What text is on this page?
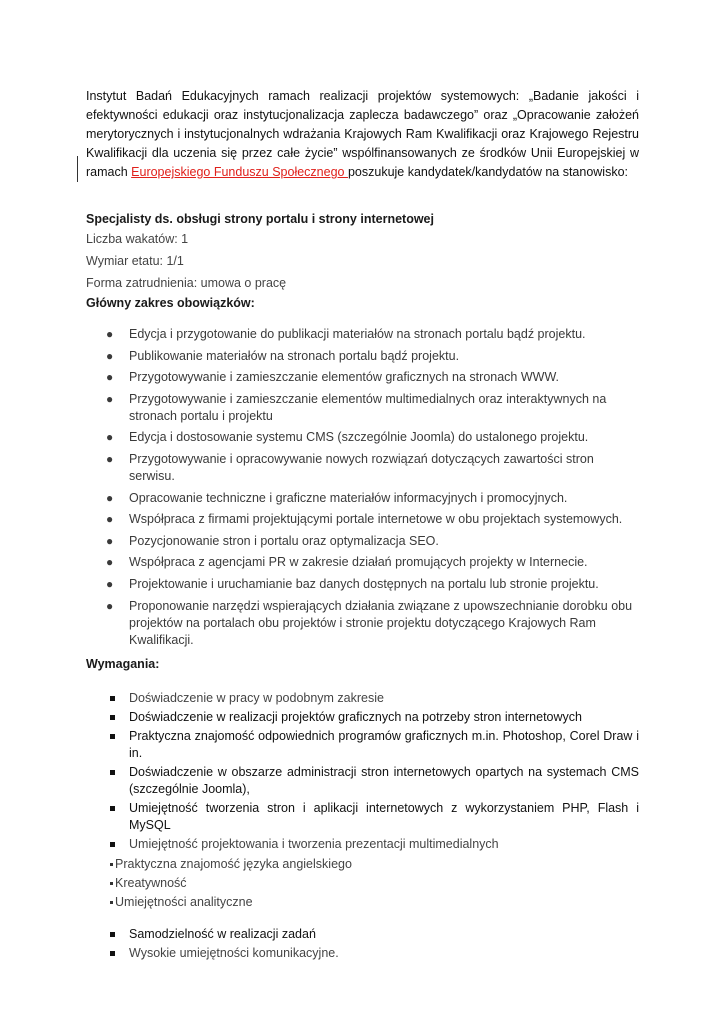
Instytut Badań Edukacyjnych ramach realizacji projektów systemowych: „Badanie jakości i efektywności edukacji oraz instytucjonalizacja zaplecza badawczego” oraz „Opracowanie założeń merytorycznych i instytucjonalnych wdrażania Krajowych Ram Kwalifikacji oraz Krajowego Rejestru Kwalifikacji dla uczenia się przez całe życie” wspólfinansowanych ze środków Unii Europejskiej w ramach Europejskiego Funduszu Społecznego poszukuje kandydatek/kandydatów na stanowisko:

Specjalisty ds. obsługi strony portalu i strony internetowej

Liczba wakatów: 1

Wymiar etatu: 1/1

Forma zatrudnienia: umowa o pracę

Główny zakres obowiązków:

● Edycja i przygotowanie do publikacji materiałów na stronach portalu bądź projektu.
● Publikowanie materiałów na stronach portalu bądź projektu.
● Przygotowywanie i zamieszczanie elementów graficznych na stronach WWW.
● Przygotowywanie i zamieszczanie elementów multimedialnych oraz interaktywnych na stronach portalu i projektu
● Edycja i dostosowanie systemu CMS (szczególnie Joomla) do ustalonego projektu.
● Przygotowywanie i opracowywanie nowych rozwiązań dotyczących zawartości stron serwisu.
● Opracowanie techniczne i graficzne materiałów informacyjnych i promocyjnych.
● Współpraca z firmami projektującymi portale internetowe w obu projektach systemowych.
● Pozycjonowanie stron i portalu oraz optymalizacja SEO.
● Współpraca z agencjami PR w zakresie działań promujących projekty w Internecie.
● Projektowanie i uruchamianie baz danych dostępnych na portalu lub stronie projektu.
● Proponowanie narzędzi wspierających działania związane z upowszechnianie dorobku obu projektów na portalach obu projektów i stronie projektu dotyczącego Krajowych Ram Kwalifikacji.

Wymagania:

Doświadczenie w pracy w podobnym zakresie
Doświadczenie w realizacji projektów graficznych na potrzeby stron internetowych
Praktyczna znajomość odpowiednich programów graficznych m.in. Photoshop, Corel Draw i in.
Doświadczenie w obszarze administracji stron internetowych opartych na systemach CMS (szczególnie Joomla),
Umiejętność tworzenia stron i aplikacji internetowych z wykorzystaniem PHP, Flash i MySQL
Umiejętność projektowania i tworzenia prezentacji multimedialnych
Praktyczna znajomość języka angielskiego
Kreatywność
Umiejętności analityczne
Samodzielność w realizacji zadań
Wysokie umiejętności komunikacyjne.
